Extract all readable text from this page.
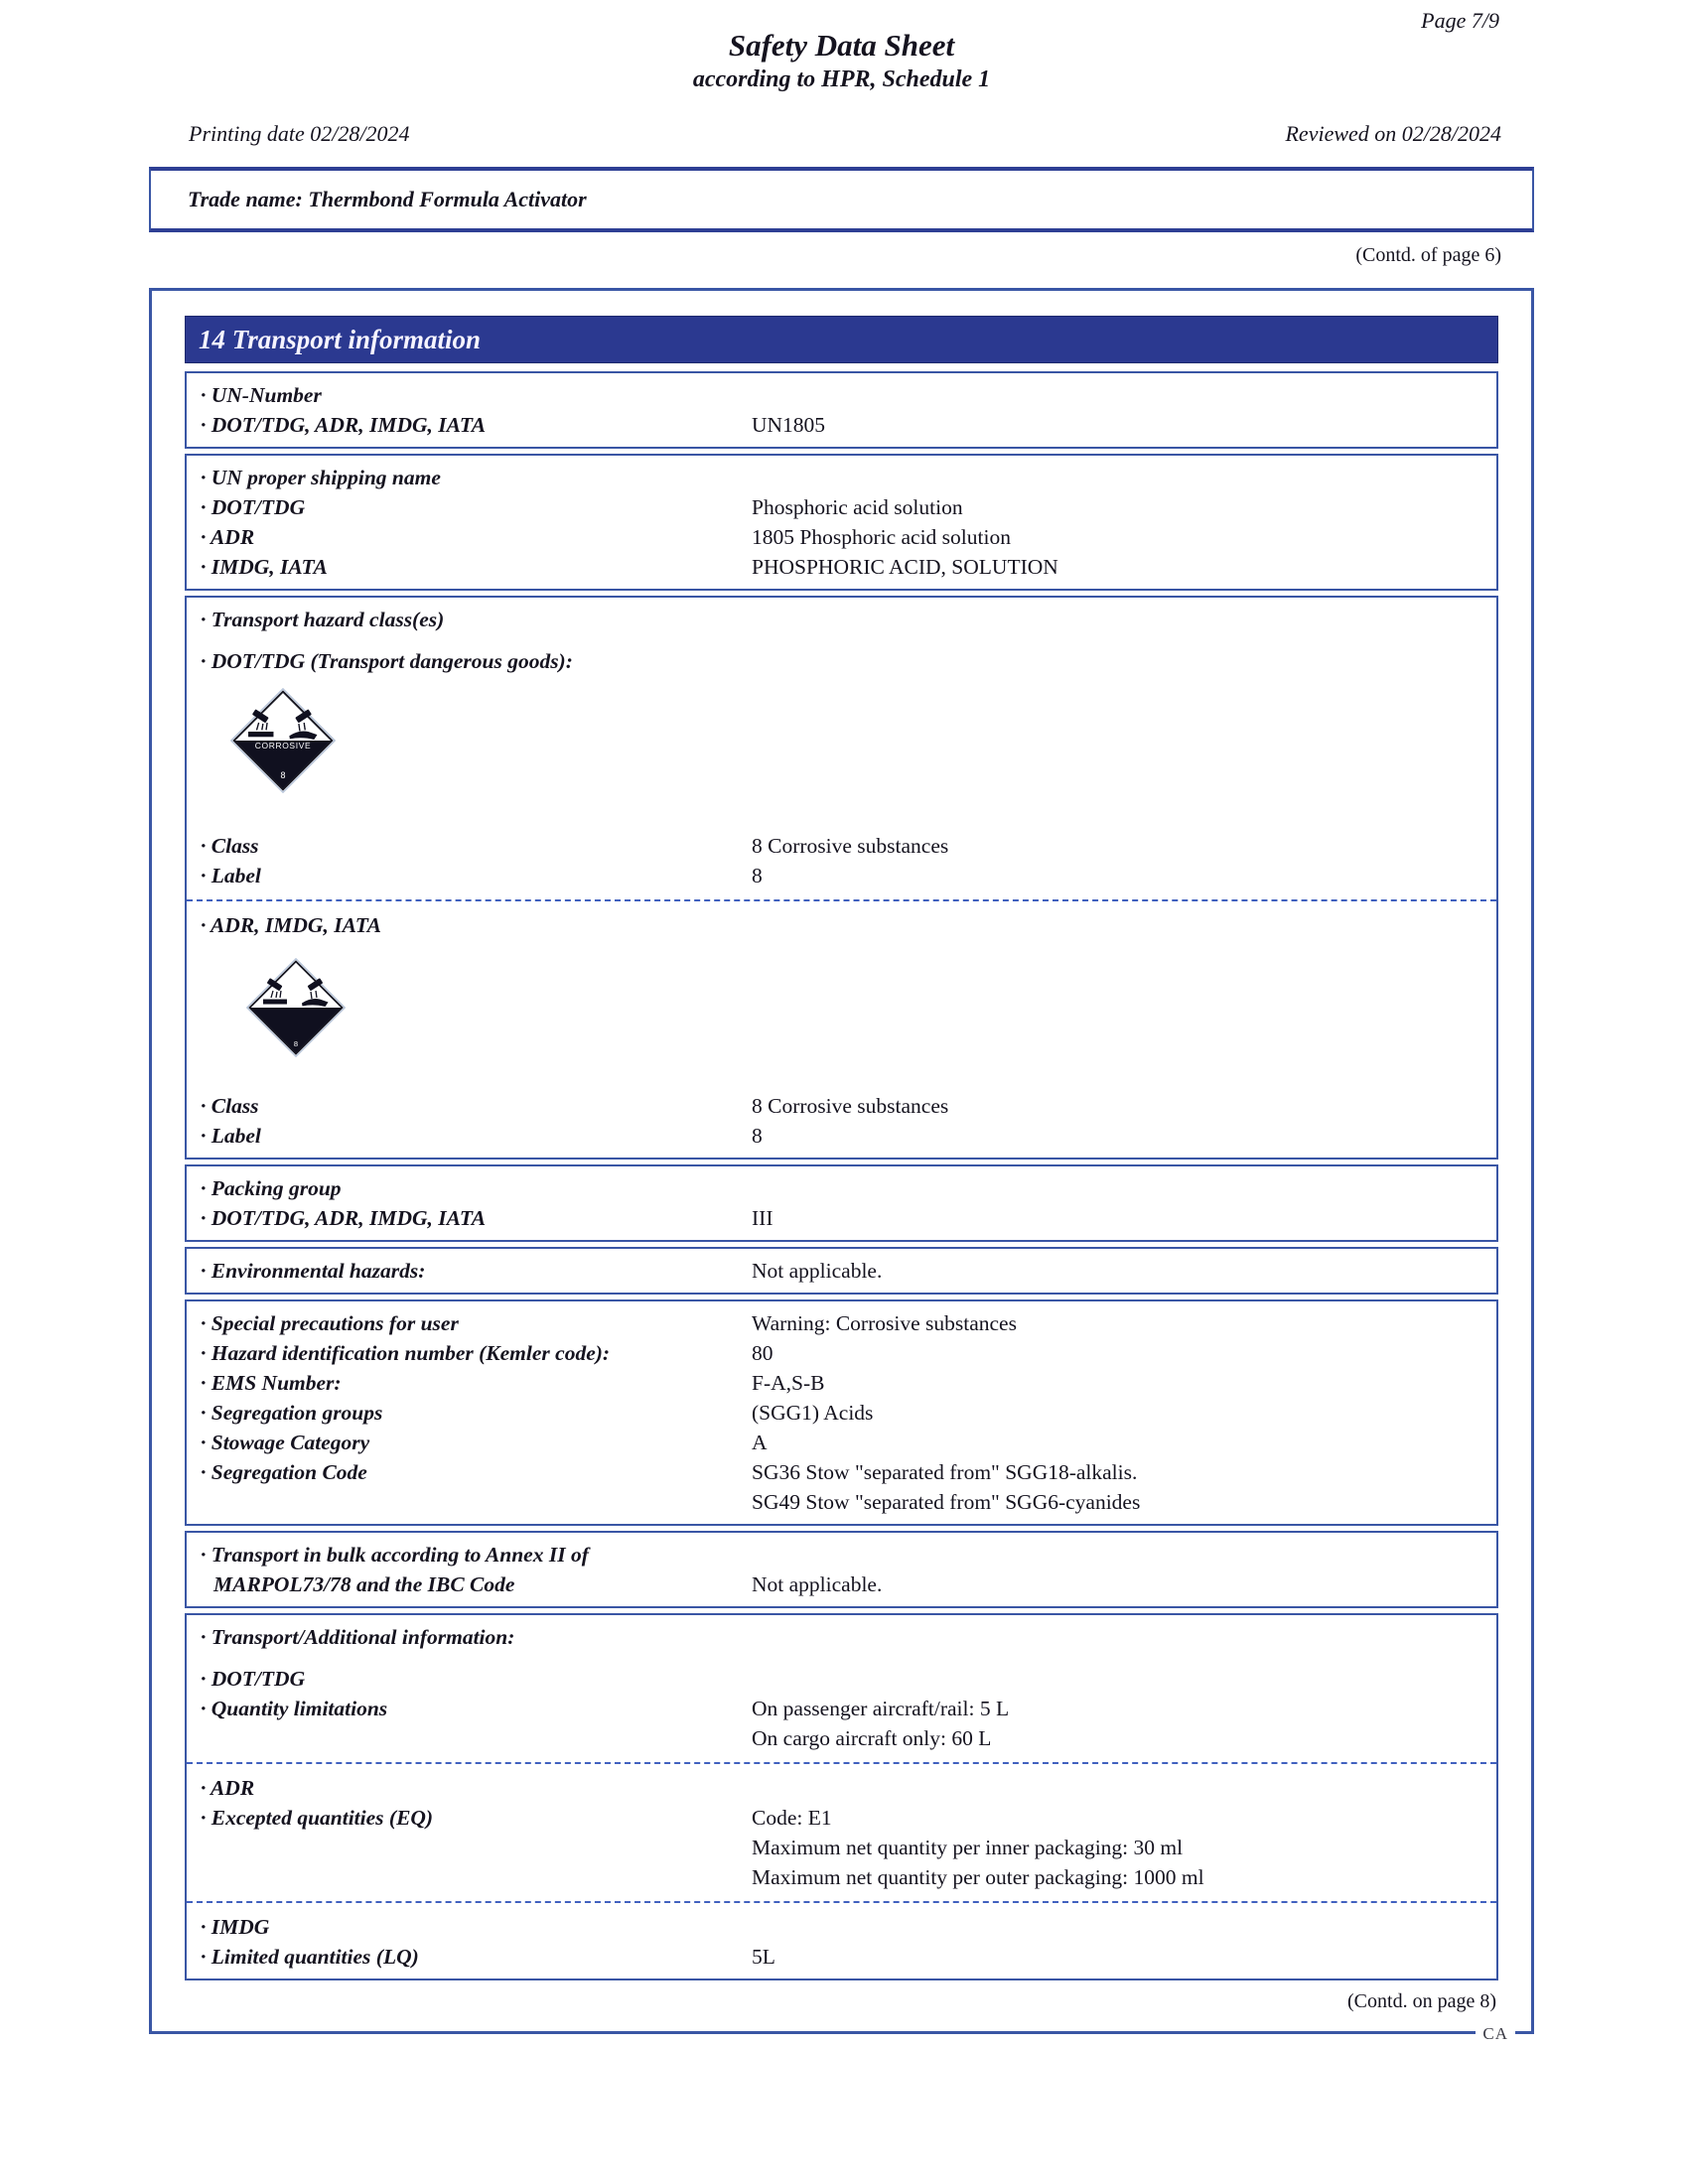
Page 7/9
Safety Data Sheet
according to HPR, Schedule 1
Printing date 02/28/2024	Reviewed on 02/28/2024
Trade name: Thermbond Formula Activator
(Contd. of page 6)
14 Transport information
· UN-Number
· DOT/TDG, ADR, IMDG, IATA	UN1805
· UN proper shipping name
· DOT/TDG	Phosphoric acid solution
· ADR	1805 Phosphoric acid solution
· IMDG, IATA	PHOSPHORIC ACID, SOLUTION
· Transport hazard class(es)
· DOT/TDG (Transport dangerous goods):
CORROSIVE
8
· Class	8 Corrosive substances
· Label	8
· ADR, IMDG, IATA
8
· Class	8 Corrosive substances
· Label	8
· Packing group
· DOT/TDG, ADR, IMDG, IATA	III
· Environmental hazards:	Not applicable.
· Special precautions for user	Warning: Corrosive substances
· Hazard identification number (Kemler code):	80
· EMS Number:	F-A,S-B
· Segregation groups	(SGG1) Acids
· Stowage Category	A
· Segregation Code	SG36 Stow "separated from" SGG18-alkalis.
SG49 Stow "separated from" SGG6-cyanides
· Transport in bulk according to Annex II of
MARPOL73/78 and the IBC Code	Not applicable.
· Transport/Additional information:
· DOT/TDG
· Quantity limitations	On passenger aircraft/rail: 5 L
On cargo aircraft only: 60 L
· ADR
· Excepted quantities (EQ)	Code: E1
Maximum net quantity per inner packaging: 30 ml
Maximum net quantity per outer packaging: 1000 ml
· IMDG
· Limited quantities (LQ)	5L
(Contd. on page 8)
CA
